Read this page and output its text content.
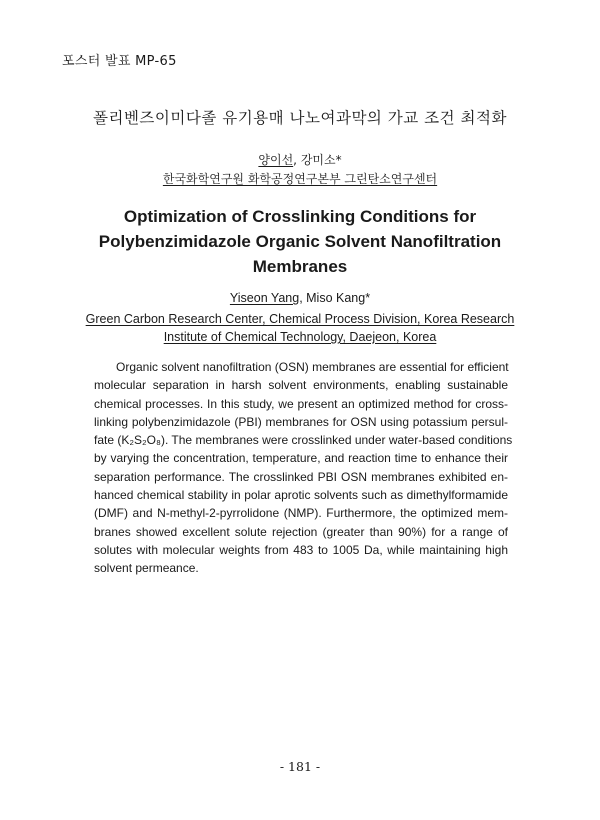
포스터 발표 MP-65
폴리벤즈이미다졸 유기용매 나노여과막의 가교 조건 최적화
양이선, 강미소*
한국화학연구원 화학공정연구본부 그린탄소연구센터
Optimization of Crosslinking Conditions for
Polybenzimidazole Organic Solvent Nanofiltration
Membranes
Yiseon Yang, Miso Kang*
Green Carbon Research Center, Chemical Process Division, Korea Research
Institute of Chemical Technology, Daejeon, Korea
Organic solvent nanofiltration (OSN) membranes are essential for efficient
molecular separation in harsh solvent environments, enabling sustainable
chemical processes. In this study, we present an optimized method for cross-
linking polybenzimidazole (PBI) membranes for OSN using potassium persul-
fate (K₂S₂O₈). The membranes were crosslinked under water-based conditions
by varying the concentration, temperature, and reaction time to enhance their
separation performance. The crosslinked PBI OSN membranes exhibited en-
hanced chemical stability in polar aprotic solvents such as dimethylformamide
(DMF) and N-methyl-2-pyrrolidone (NMP). Furthermore, the optimized mem-
branes showed excellent solute rejection (greater than 90%) for a range of
solutes with molecular weights from 483 to 1005 Da, while maintaining high
solvent permeance.
- 181 -
